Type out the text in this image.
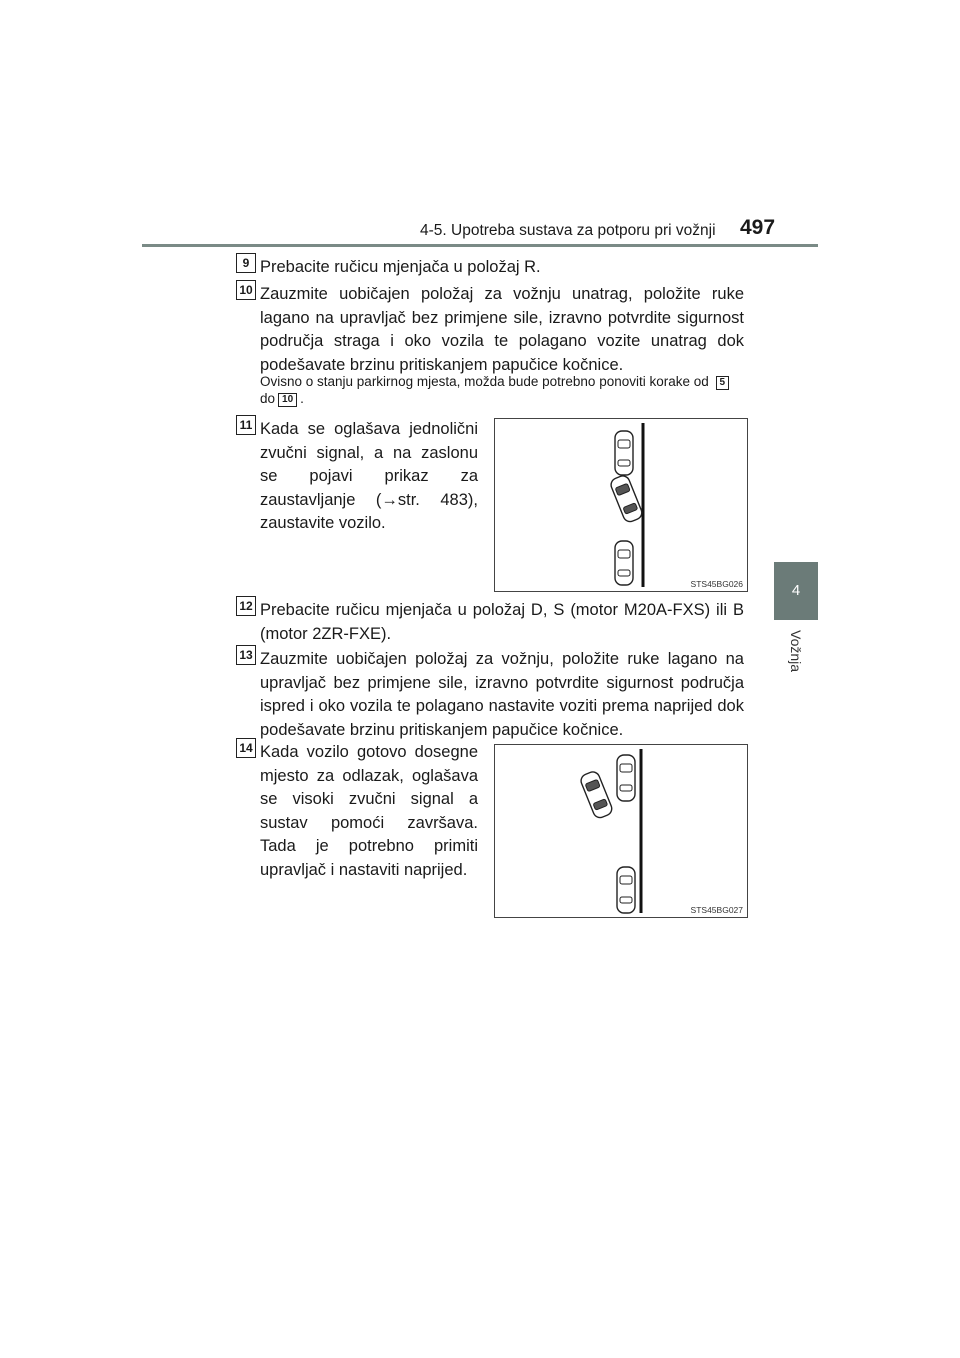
4-5. Upotreba sustava za potporu pri vožnji 497
4
Vožnja
9 Prebacite ručicu mjenjača u položaj R.
10 Zauzmite uobičajen položaj za vožnju unatrag, položite ruke lagano na upravljač bez primjene sile, izravno potvrdite sigurnost područja straga i oko vozila te polagano vozite unatrag dok podešavate brzinu pritiskanjem papučice kočnice.
Ovisno o stanju parkirnog mjesta, možda bude potrebno ponoviti korake od 5do 10 .
11 Kada se oglašava jednolični zvučni signal, a na zaslonu se pojavi prikaz za zaustavljanje (→str. 483), zaustavite vozilo.
STS45BG026
12 Prebacite ručicu mjenjača u položaj D, S (motor M20A-FXS) ili B (motor 2ZR-FXE).
13 Zauzmite uobičajen položaj za vožnju, položite ruke lagano na upravljač bez primjene sile, izravno potvrdite sigurnost područja ispred i oko vozila te polagano nastavite voziti prema naprijed dok podešavate brzinu pritiskanjem papučice kočnice.
14 Kada vozilo gotovo dosegne mjesto za odlazak, oglašava se visoki zvučni signal a sustav pomoći završava. Tada je potrebno primiti upravljač i nastaviti naprijed.
STS45BG027
